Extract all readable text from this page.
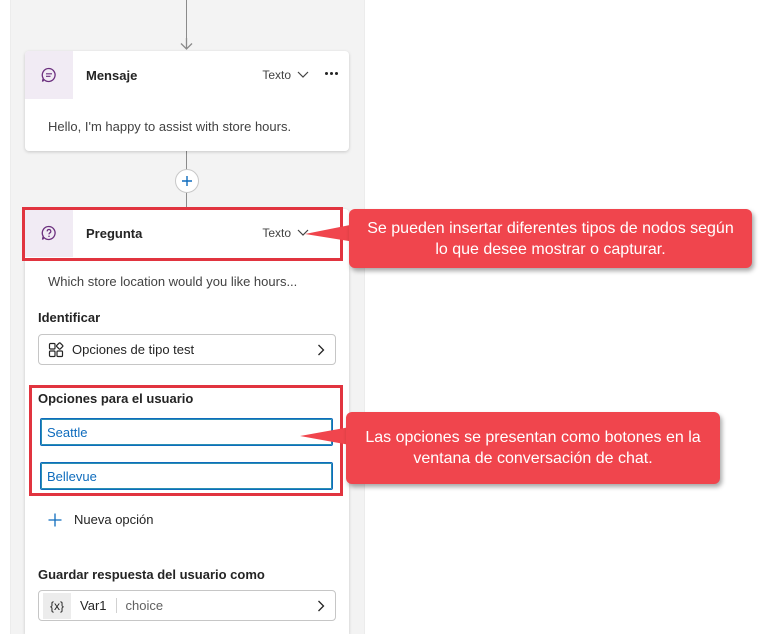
Mensaje	Texto
Hello, I'm happy to assist with store hours.
Pregunta	Texto
Which store location would you like hours...
Identificar
Opciones de tipo test
Opciones para el usuario
Seattle
Bellevue
Nueva opción
Guardar respuesta del usuario como
{x}	Var1	choice
Se pueden insertar diferentes tipos de nodos según lo que desee mostrar o capturar.
Las opciones se presentan como botones en la ventana de conversación de chat.
